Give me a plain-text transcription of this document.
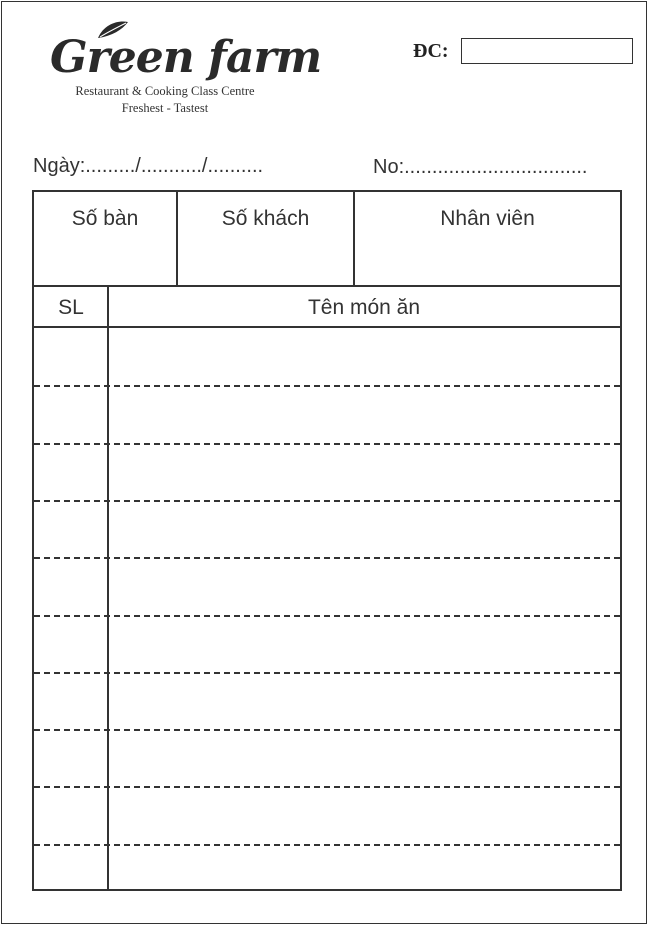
Green farm
Restaurant & Cooking Class Centre
Freshest - Tastest
ĐC:
Ngày:........./.........../..........	No:.................................
Số bàn	Số khách	Nhân viên
SL	Tên món ăn
